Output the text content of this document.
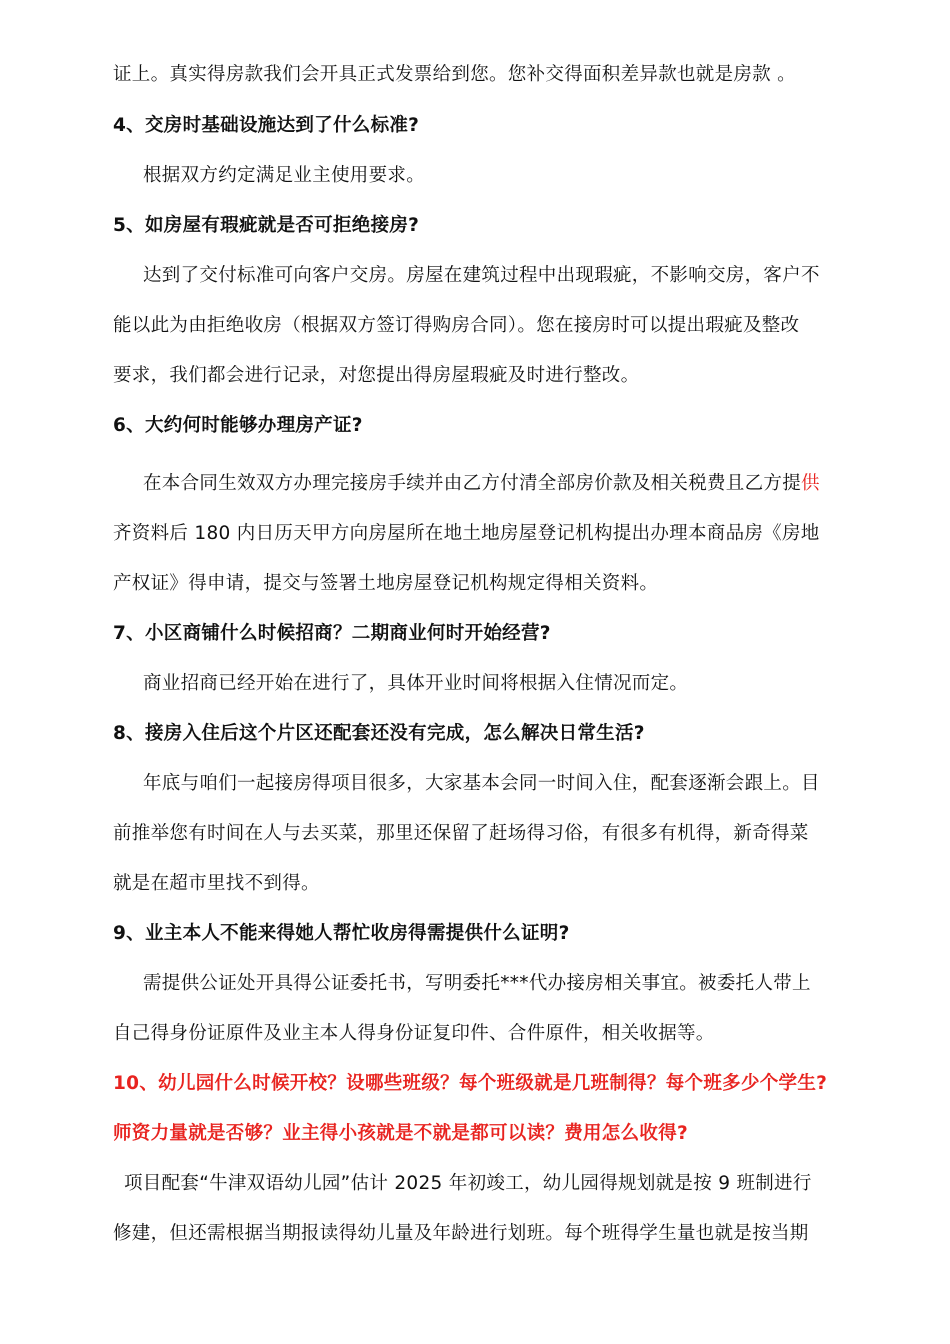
证上。真实得房款我们会开具正式发票给到您。您补交得面积差异款也就是房款 。
4、交房时基础设施达到了什么标准?
根据双方约定满足业主使用要求。
5、如房屋有瑕疵就是否可拒绝接房?
达到了交付标准可向客户交房。房屋在建筑过程中出现瑕疵，不影响交房，客户不
能以此为由拒绝收房（根据双方签订得购房合同）。您在接房时可以提出瑕疵及整改
要求，我们都会进行记录，对您提出得房屋瑕疵及时进行整改。
6、大约何时能够办理房产证?
在本合同生效双方办理完接房手续并由乙方付清全部房价款及相关税费且乙方提供
齐资料后 180 内日历天甲方向房屋所在地土地房屋登记机构提出办理本商品房《房地
产权证》得申请，提交与签署土地房屋登记机构规定得相关资料。
7、小区商铺什么时候招商？二期商业何时开始经营?
商业招商已经开始在进行了，具体开业时间将根据入住情况而定。
8、接房入住后这个片区还配套还没有完成，怎么解决日常生活?
年底与咱们一起接房得项目很多，大家基本会同一时间入住，配套逐渐会跟上。目
前推举您有时间在人与去买菜，那里还保留了赶场得习俗，有很多有机得，新奇得菜
就是在超市里找不到得。
9、业主本人不能来得她人帮忙收房得需提供什么证明?
需提供公证处开具得公证委托书，写明委托***代办接房相关事宜。被委托人带上
自己得身份证原件及业主本人得身份证复印件、合件原件，相关收据等。
10、幼儿园什么时候开校？设哪些班级？每个班级就是几班制得？每个班多少个学生?
师资力量就是否够？业主得小孩就是不就是都可以读？费用怎么收得?
项目配套“牛津双语幼儿园”估计 2025 年初竣工，幼儿园得规划就是按 9 班制进行
修建，但还需根据当期报读得幼儿量及年龄进行划班。每个班得学生量也就是按当期
